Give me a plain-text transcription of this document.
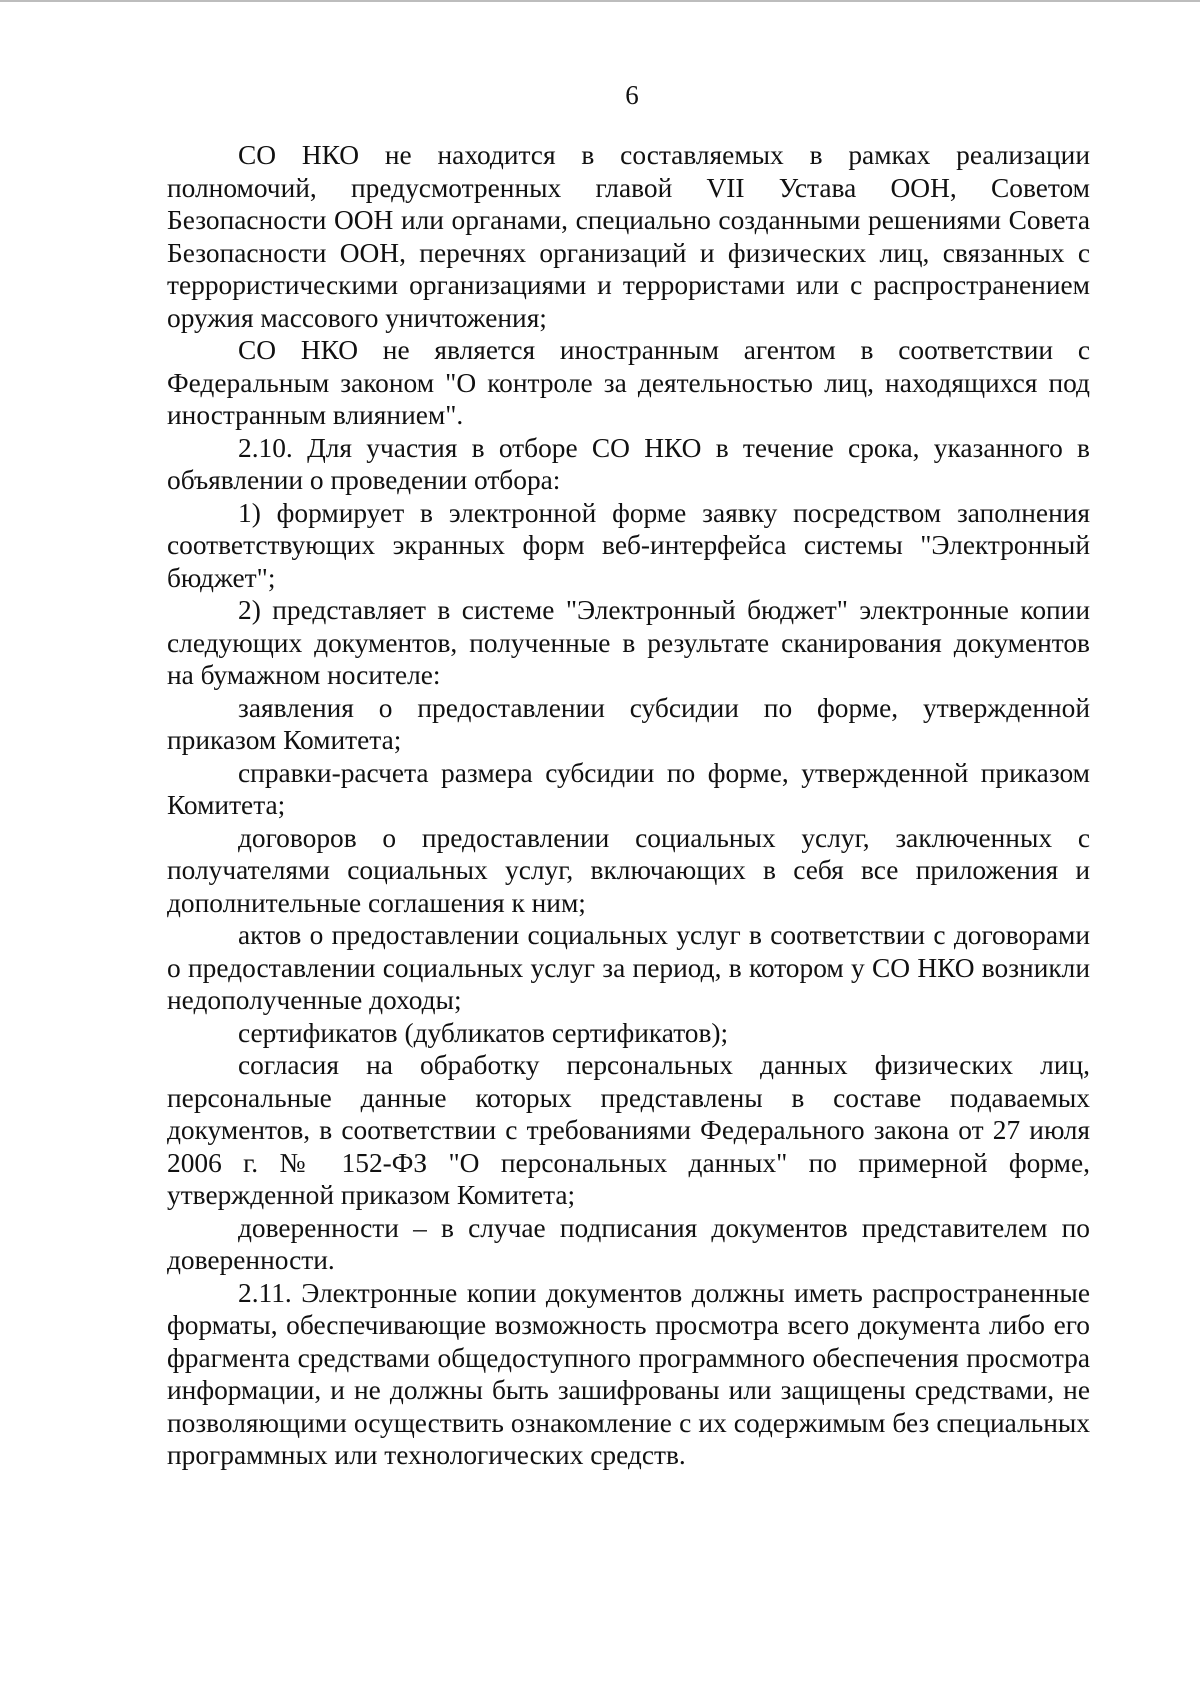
6

СО НКО не находится в составляемых в рамках реализации полномочий, предусмотренных главой VII Устава ООН, Советом Безопасности ООН или органами, специально созданными решениями Совета Безопасности ООН, перечнях организаций и физических лиц, связанных с террористическими организациями и террористами или с распространением оружия массового уничтожения;

СО НКО не является иностранным агентом в соответствии с Федеральным законом "О контроле за деятельностью лиц, находящихся под иностранным влиянием".

2.10. Для участия в отборе СО НКО в течение срока, указанного в объявлении о проведении отбора:

1) формирует в электронной форме заявку посредством заполнения соответствующих экранных форм веб-интерфейса системы "Электронный бюджет";

2) представляет в системе "Электронный бюджет" электронные копии следующих документов, полученные в результате сканирования документов на бумажном носителе:

заявления о предоставлении субсидии по форме, утвержденной приказом Комитета;

справки-расчета размера субсидии по форме, утвержденной приказом Комитета;

договоров о предоставлении социальных услуг, заключенных с получателями социальных услуг, включающих в себя все приложения и дополнительные соглашения к ним;

актов о предоставлении социальных услуг в соответствии с договорами о предоставлении социальных услуг за период, в котором у СО НКО возникли недополученные доходы;

сертификатов (дубликатов сертификатов);

согласия на обработку персональных данных физических лиц, персональные данные которых представлены в составе подаваемых документов, в соответствии с требованиями Федерального закона от 27 июля 2006 г. № 152-ФЗ "О персональных данных" по примерной форме, утвержденной приказом Комитета;

доверенности – в случае подписания документов представителем по доверенности.

2.11. Электронные копии документов должны иметь распространенные форматы, обеспечивающие возможность просмотра всего документа либо его фрагмента средствами общедоступного программного обеспечения просмотра информации, и не должны быть зашифрованы или защищены средствами, не позволяющими осуществить ознакомление с их содержимым без специальных программных или технологических средств.
